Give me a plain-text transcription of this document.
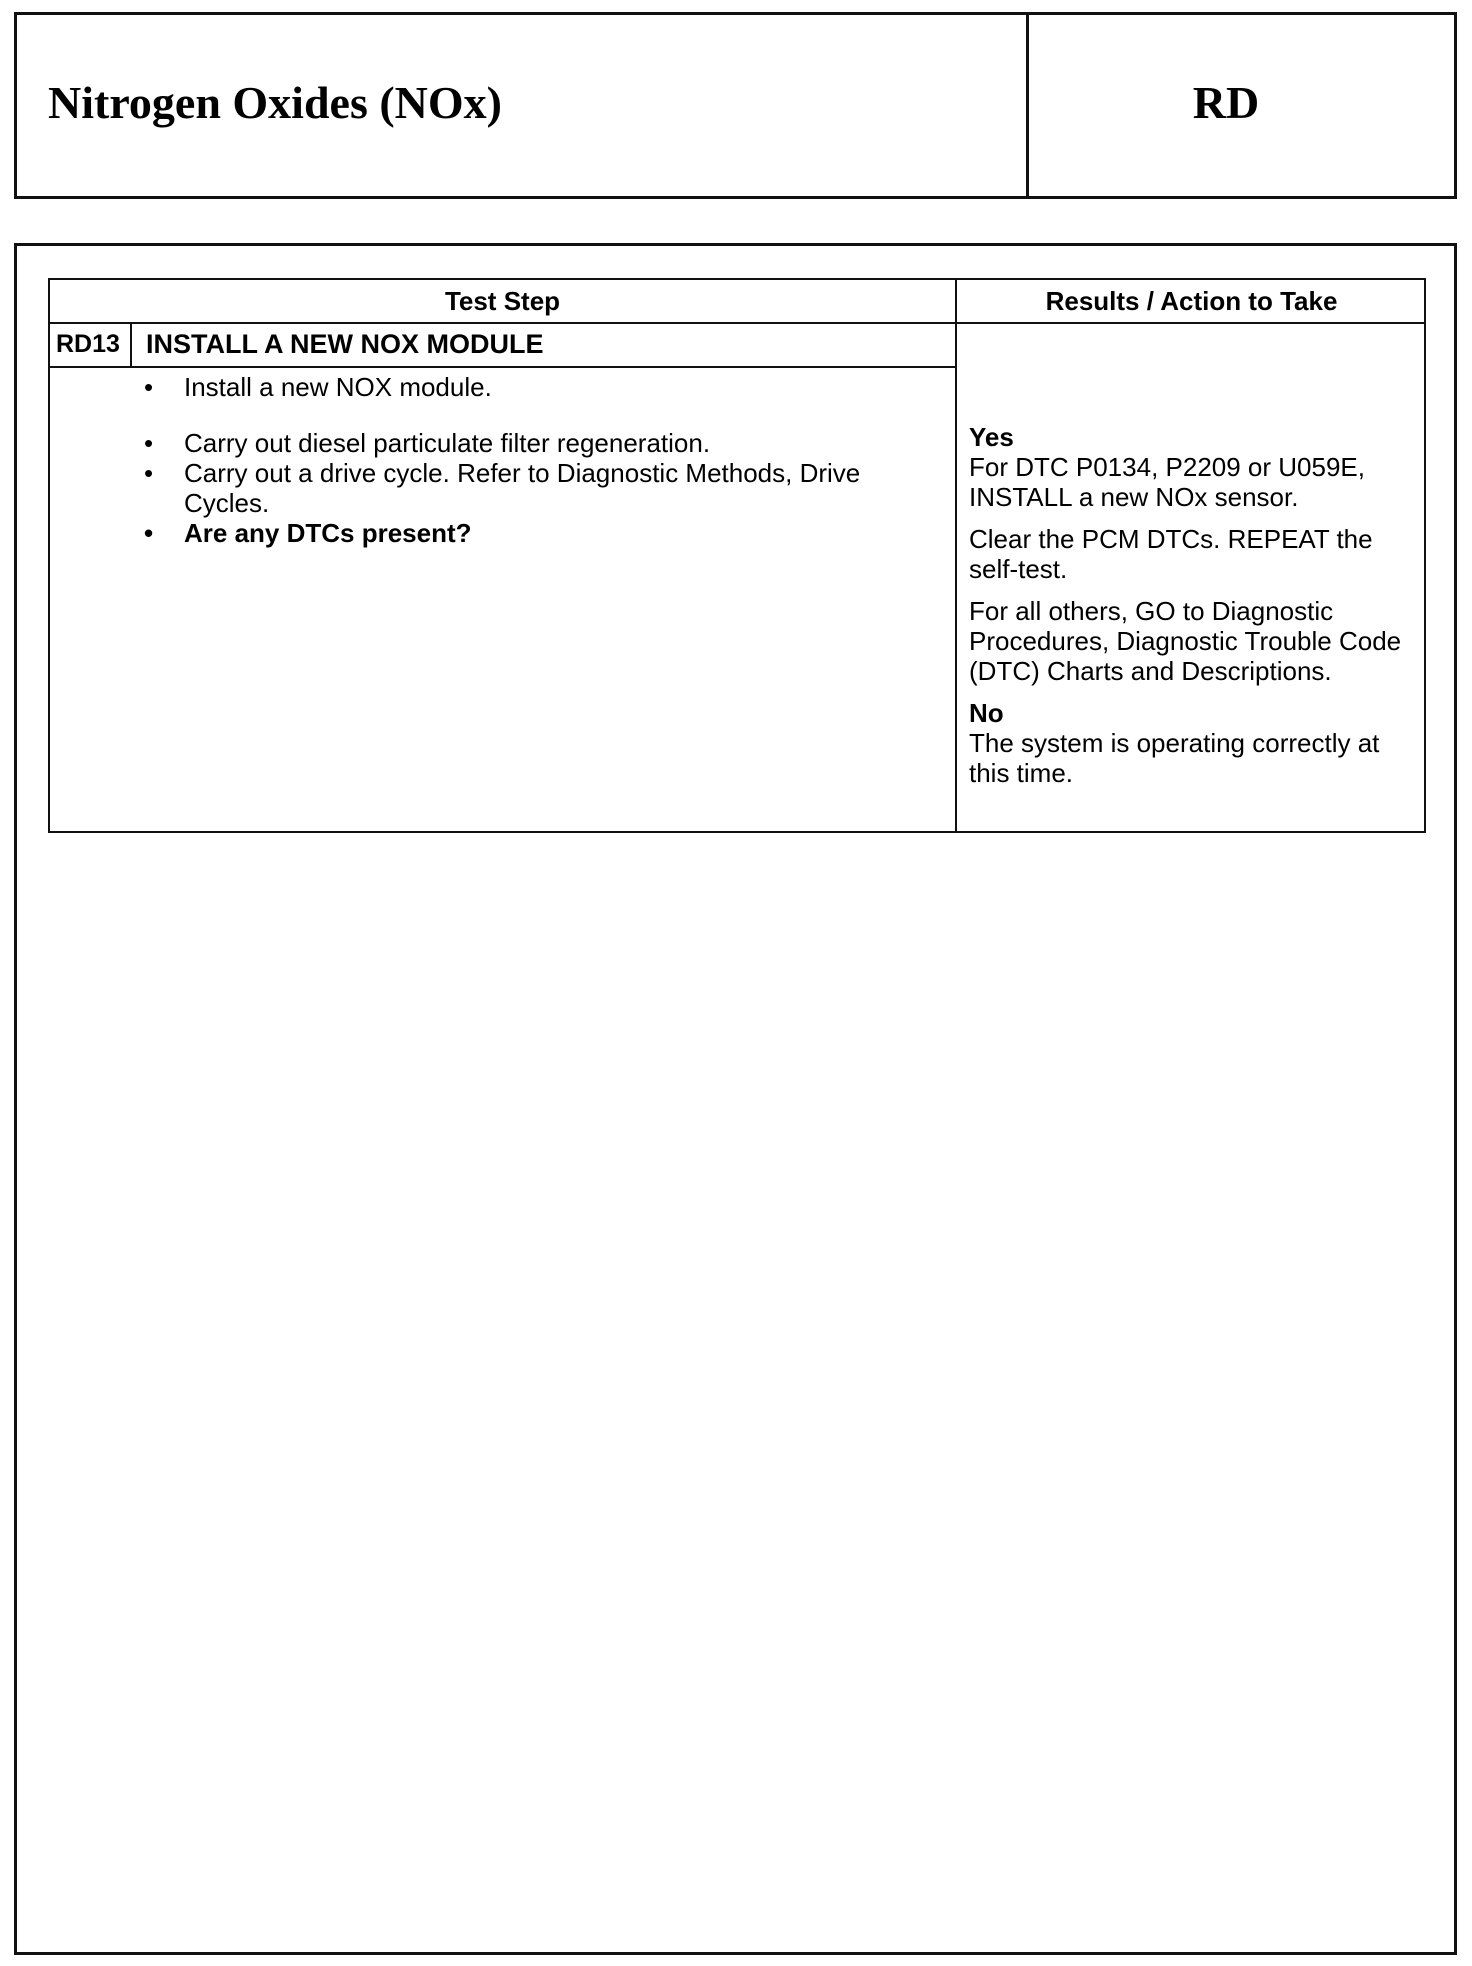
Nitrogen Oxides (NOx)	RD
Test Step	Results / Action to Take
RD13 INSTALL A NEW NOX MODULE
• Install a new NOX module.
• Carry out diesel particulate filter regeneration.
• Carry out a drive cycle. Refer to Diagnostic Methods, Drive Cycles.
• Are any DTCs present?
Yes

For DTC P0134, P2209 or U059E, INSTALL a new NOx sensor.

Clear the PCM DTCs. REPEAT the self-test.

For all others, GO to Diagnostic Procedures, Diagnostic Trouble Code (DTC) Charts and Descriptions.

No

The system is operating correctly at this time.
